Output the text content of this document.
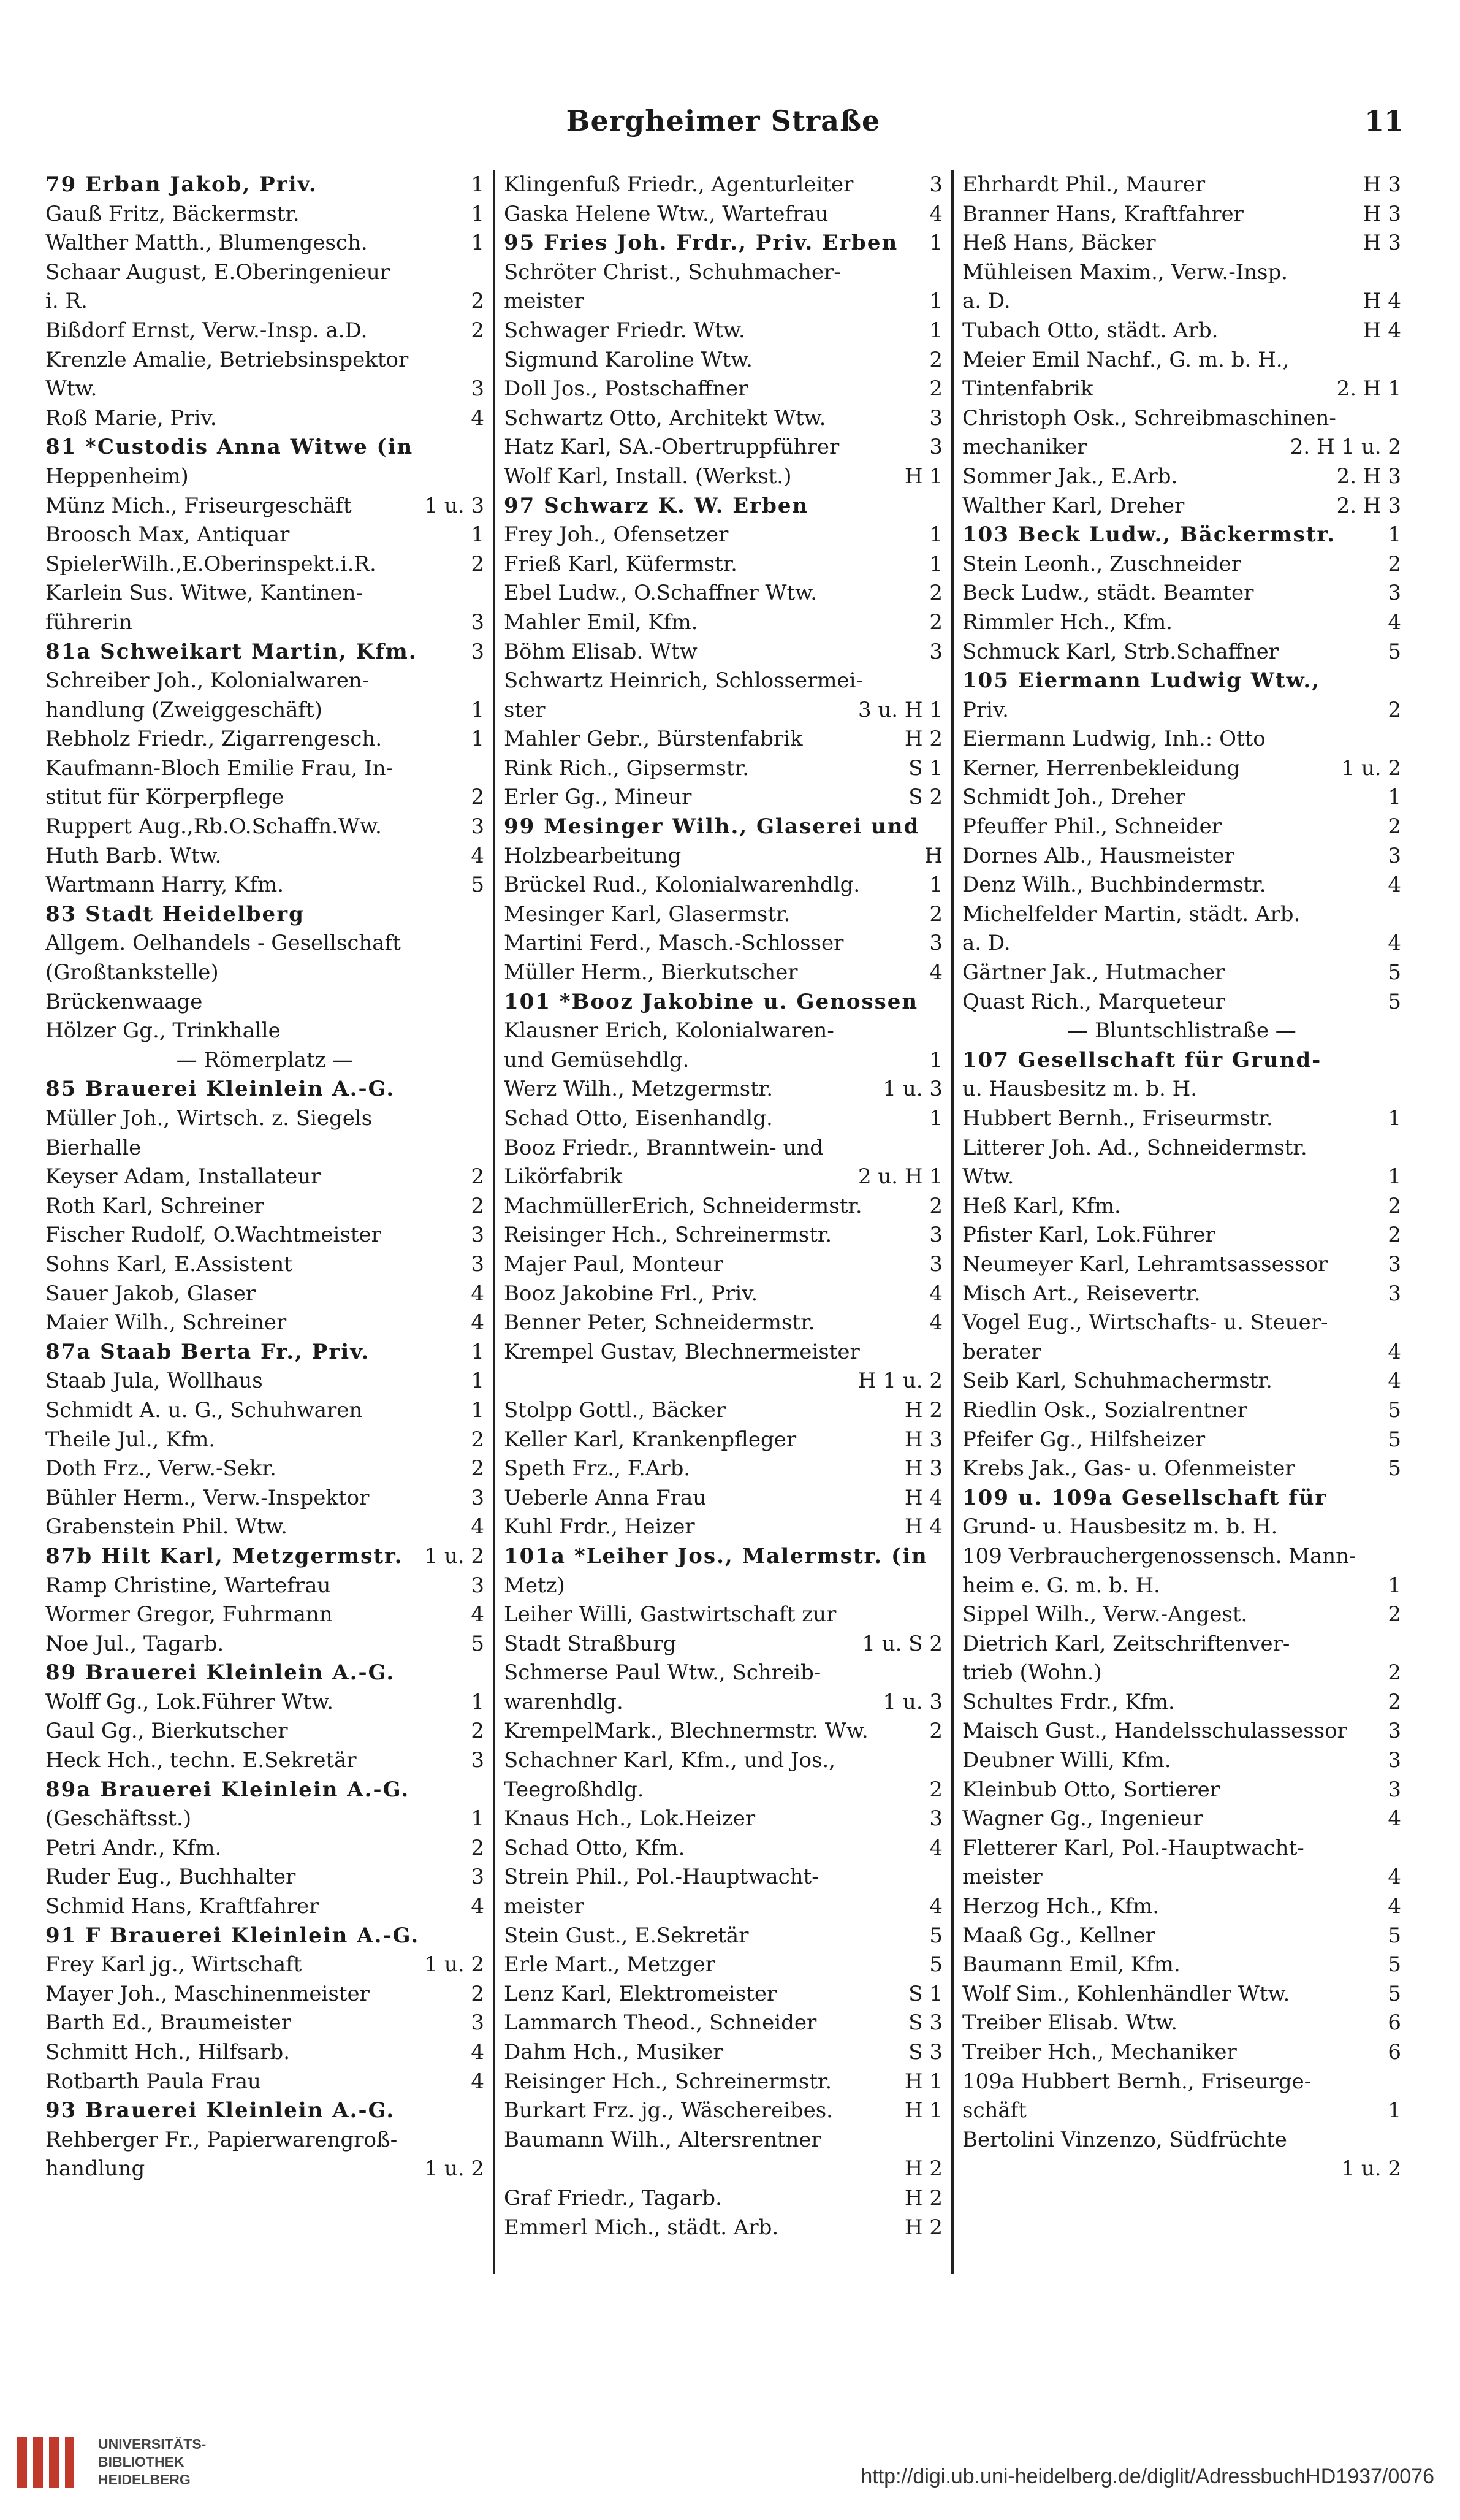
Bergheimer Straße	11
79 Erban Jakob, Priv.	1
Gauß Fritz, Bäckermstr.	1
Walther Matth., Blumengesch.	1
Schaar August, E.Oberingenieur
i. R.	2
Bißdorf Ernst, Verw.-Insp. a.D.	2
Krenzle Amalie, Betriebsinspektor
Wtw.	3
Roß Marie, Priv.	4
81 *Custodis Anna Witwe (in
Heppenheim)
Münz Mich., Friseurgeschäft	1 u. 3
Broosch Max, Antiquar	1
SpielerWilh.,E.Oberinspekt.i.R.	2
Karlein Sus. Witwe, Kantinen-
führerin	3
81a Schweikart Martin, Kfm.	3
Schreiber Joh., Kolonialwaren-
handlung (Zweiggeschäft)	1
Rebholz Friedr., Zigarrengesch.	1
Kaufmann-Bloch Emilie Frau, In-
stitut für Körperpflege	2
Ruppert Aug.,Rb.O.Schaffn.Ww.	3
Huth Barb. Wtw.	4
Wartmann Harry, Kfm.	5
83 Stadt Heidelberg
Allgem. Oelhandels - Gesellschaft
(Großtankstelle)
Brückenwaage
Hölzer Gg., Trinkhalle
— Römerplatz —
85 Brauerei Kleinlein A.-G.
Müller Joh., Wirtsch. z. Siegels
Bierhalle
Keyser Adam, Installateur	2
Roth Karl, Schreiner	2
Fischer Rudolf, O.Wachtmeister	3
Sohns Karl, E.Assistent	3
Sauer Jakob, Glaser	4
Maier Wilh., Schreiner	4
87a Staab Berta Fr., Priv.	1
Staab Jula, Wollhaus	1
Schmidt A. u. G., Schuhwaren	1
Theile Jul., Kfm.	2
Doth Frz., Verw.-Sekr.	2
Bühler Herm., Verw.-Inspektor	3
Grabenstein Phil. Wtw.	4
87b Hilt Karl, Metzgermstr. 1 u. 2
Ramp Christine, Wartefrau	3
Wormer Gregor, Fuhrmann	4
Noe Jul., Tagarb.	5
89 Brauerei Kleinlein A.-G.
Wolff Gg., Lok.Führer Wtw.	1
Gaul Gg., Bierkutscher	2
Heck Hch., techn. E.Sekretär	3
89a Brauerei Kleinlein A.-G.
(Geschäftsst.)	1
Petri Andr., Kfm.	2
Ruder Eug., Buchhalter	3
Schmid Hans, Kraftfahrer	4
91 F Brauerei Kleinlein A.-G.
Frey Karl jg., Wirtschaft	1 u. 2
Mayer Joh., Maschinenmeister	2
Barth Ed., Braumeister	3
Schmitt Hch., Hilfsarb.	4
Rotbarth Paula Frau	4
93 Brauerei Kleinlein A.-G.
Rehberger Fr., Papierwarengroß-
handlung	1 u. 2
Klingenfuß Friedr., Agenturleiter	3
Gaska Helene Wtw., Wartefrau	4
95 Fries Joh. Frdr., Priv. Erben 1
Schröter Christ., Schuhmacher-
meister	1
Schwager Friedr. Wtw.	1
Sigmund Karoline Wtw.	2
Doll Jos., Postschaffner	2
Schwartz Otto, Architekt Wtw.	3
Hatz Karl, SA.-Obertruppführer	3
Wolf Karl, Install. (Werkst.)	H 1
97 Schwarz K. W. Erben
Frey Joh., Ofensetzer	1
Frieß Karl, Küfermstr.	1
Ebel Ludw., O.Schaffner Wtw.	2
Mahler Emil, Kfm.	2
Böhm Elisab. Wtw	3
Schwartz Heinrich, Schlossermei-
ster	3 u. H 1
Mahler Gebr., Bürstenfabrik	H 2
Rink Rich., Gipsermstr.	S 1
Erler Gg., Mineur	S 2
99 Mesinger Wilh., Glaserei und
Holzbearbeitung	H
Brückel Rud., Kolonialwarenhdlg.	1
Mesinger Karl, Glasermstr.	2
Martini Ferd., Masch.-Schlosser	3
Müller Herm., Bierkutscher	4
101 *Booz Jakobine u. Genossen
Klausner Erich, Kolonialwaren-
und Gemüsehdlg.	1
Werz Wilh., Metzgermstr.	1 u. 3
Schad Otto, Eisenhandlg.	1
Booz Friedr., Branntwein- und
Likörfabrik	2 u. H 1
MachmüllerErich, Schneidermstr.	2
Reisinger Hch., Schreinermstr.	3
Majer Paul, Monteur	3
Booz Jakobine Frl., Priv.	4
Benner Peter, Schneidermstr.	4
Krempel Gustav, Blechnermeister
H 1 u. 2
Stolpp Gottl., Bäcker	H 2
Keller Karl, Krankenpfleger	H 3
Speth Frz., F.Arb.	H 3
Ueberle Anna Frau	H 4
Kuhl Frdr., Heizer	H 4
101a *Leiher Jos., Malermstr. (in
Metz)
Leiher Willi, Gastwirtschaft zur
Stadt Straßburg	1 u. S 2
Schmerse Paul Wtw., Schreib-
warenhdlg.	1 u. 3
KrempelMark., Blechnermstr. Ww.	2
Schachner Karl, Kfm., und Jos.,
Teegroßhdlg.	2
Knaus Hch., Lok.Heizer	3
Schad Otto, Kfm.	4
Strein Phil., Pol.-Hauptwacht-
meister	4
Stein Gust., E.Sekretär	5
Erle Mart., Metzger	5
Lenz Karl, Elektromeister	S 1
Lammarch Theod., Schneider	S 3
Dahm Hch., Musiker	S 3
Reisinger Hch., Schreinermstr.	H 1
Burkart Frz. jg., Wäschereibes.	H 1
Baumann Wilh., Altersrentner
H 2
Graf Friedr., Tagarb.	H 2
Emmerl Mich., städt. Arb.	H 2
Ehrhardt Phil., Maurer	H 3
Branner Hans, Kraftfahrer	H 3
Heß Hans, Bäcker	H 3
Mühleisen Maxim., Verw.-Insp.
a. D.	H 4
Tubach Otto, städt. Arb.	H 4
Meier Emil Nachf., G. m. b. H.,
Tintenfabrik	2. H 1
Christoph Osk., Schreibmaschinen-
mechaniker	2. H 1 u. 2
Sommer Jak., E.Arb.	2. H 3
Walther Karl, Dreher	2. H 3
103 Beck Ludw., Bäckermstr.	1
Stein Leonh., Zuschneider	2
Beck Ludw., städt. Beamter	3
Rimmler Hch., Kfm.	4
Schmuck Karl, Strb.Schaffner	5
105 Eiermann Ludwig Wtw.,
Priv.	2
Eiermann Ludwig, Inh.: Otto
Kerner, Herrenbekleidung	1 u. 2
Schmidt Joh., Dreher	1
Pfeuffer Phil., Schneider	2
Dornes Alb., Hausmeister	3
Denz Wilh., Buchbindermstr.	4
Michelfelder Martin, städt. Arb.
a. D.	4
Gärtner Jak., Hutmacher	5
Quast Rich., Marqueteur	5
— Bluntschlistraße —
107 Gesellschaft für Grund-
u. Hausbesitz m. b. H.
Hubbert Bernh., Friseurmstr.	1
Litterer Joh. Ad., Schneidermstr.
Wtw.	1
Heß Karl, Kfm.	2
Pfister Karl, Lok.Führer	2
Neumeyer Karl, Lehramtsassessor	3
Misch Art., Reisevertr.	3
Vogel Eug., Wirtschafts- u. Steuer-
berater	4
Seib Karl, Schuhmachermstr.	4
Riedlin Osk., Sozialrentner	5
Pfeifer Gg., Hilfsheizer	5
Krebs Jak., Gas- u. Ofenmeister	5
109 u. 109a Gesellschaft für
Grund- u. Hausbesitz m. b. H.
109 Verbrauchergenossensch. Mann-
heim e. G. m. b. H.	1
Sippel Wilh., Verw.-Angest.	2
Dietrich Karl, Zeitschriftenver-
trieb (Wohn.)	2
Schultes Frdr., Kfm.	2
Maisch Gust., Handelsschulassessor 3
Deubner Willi, Kfm.	3
Kleinbub Otto, Sortierer	3
Wagner Gg., Ingenieur	4
Fletterer Karl, Pol.-Hauptwacht-
meister	4
Herzog Hch., Kfm.	4
Maaß Gg., Kellner	5
Baumann Emil, Kfm.	5
Wolf Sim., Kohlenhändler Wtw.	5
Treiber Elisab. Wtw.	6
Treiber Hch., Mechaniker	6
109a Hubbert Bernh., Friseurge-
schäft	1
Bertolini Vinzenzo, Südfrüchte
1 u. 2
UNIVERSITÄTS-
BIBLIOTHEK
HEIDELBERG	http://digi.ub.uni-heidelberg.de/diglit/AdressbuchHD1937/0076
